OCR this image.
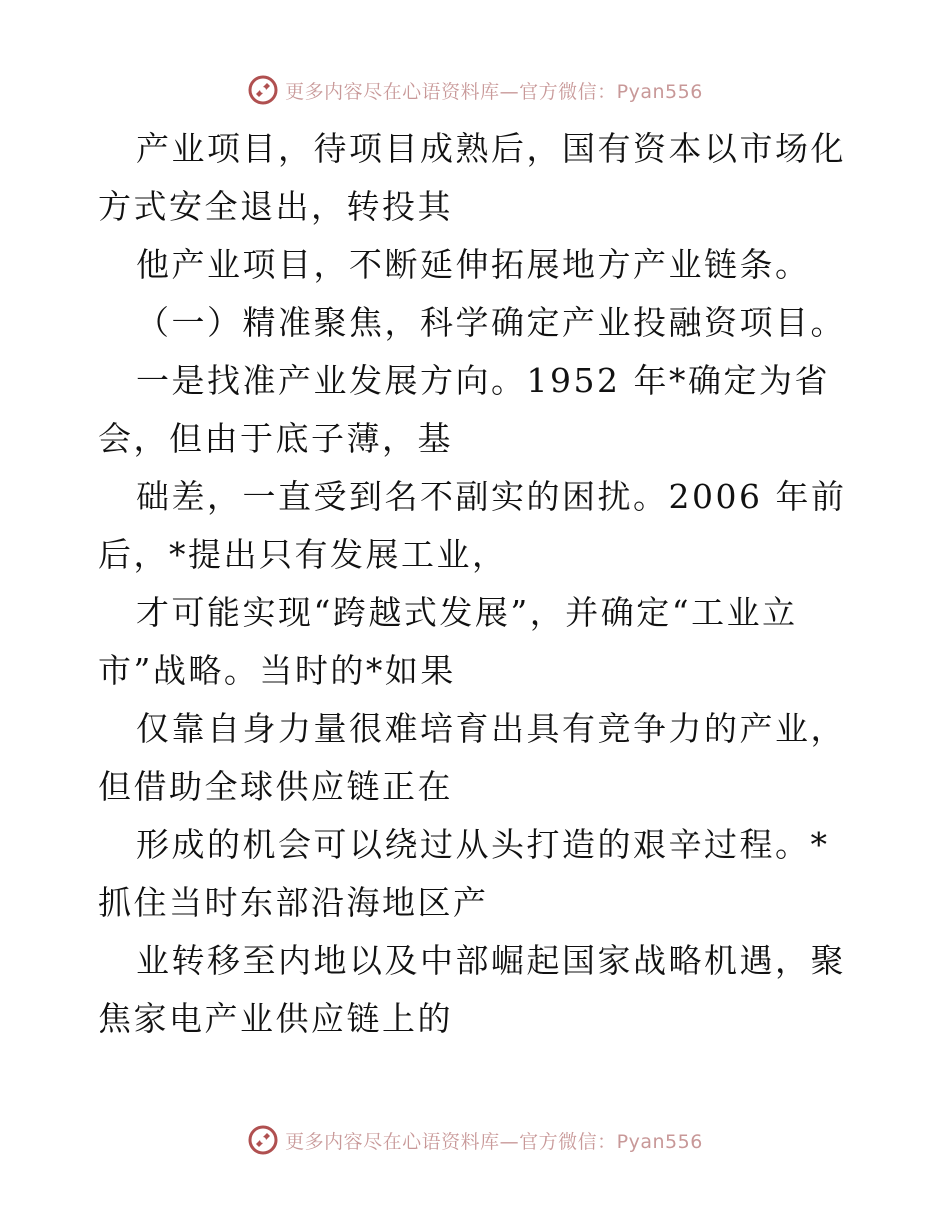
更多内容尽在心语资料库—官方微信：Pyan556

产业项目，待项目成熟后，国有资本以市场化方式安全退出，转投其

他产业项目，不断延伸拓展地方产业链条。

（一）精准聚焦，科学确定产业投融资项目。

一是找准产业发展方向。1952 年*确定为省会，但由于底子薄，基

础差，一直受到名不副实的困扰。2006 年前后，*提出只有发展工业，

才可能实现“跨越式发展”，并确定“工业立市”战略。当时的*如果

仅靠自身力量很难培育出具有竞争力的产业，但借助全球供应链正在

形成的机会可以绕过从头打造的艰辛过程。*抓住当时东部沿海地区产

业转移至内地以及中部崛起国家战略机遇，聚焦家电产业供应链上的

更多内容尽在心语资料库—官方微信：Pyan556
